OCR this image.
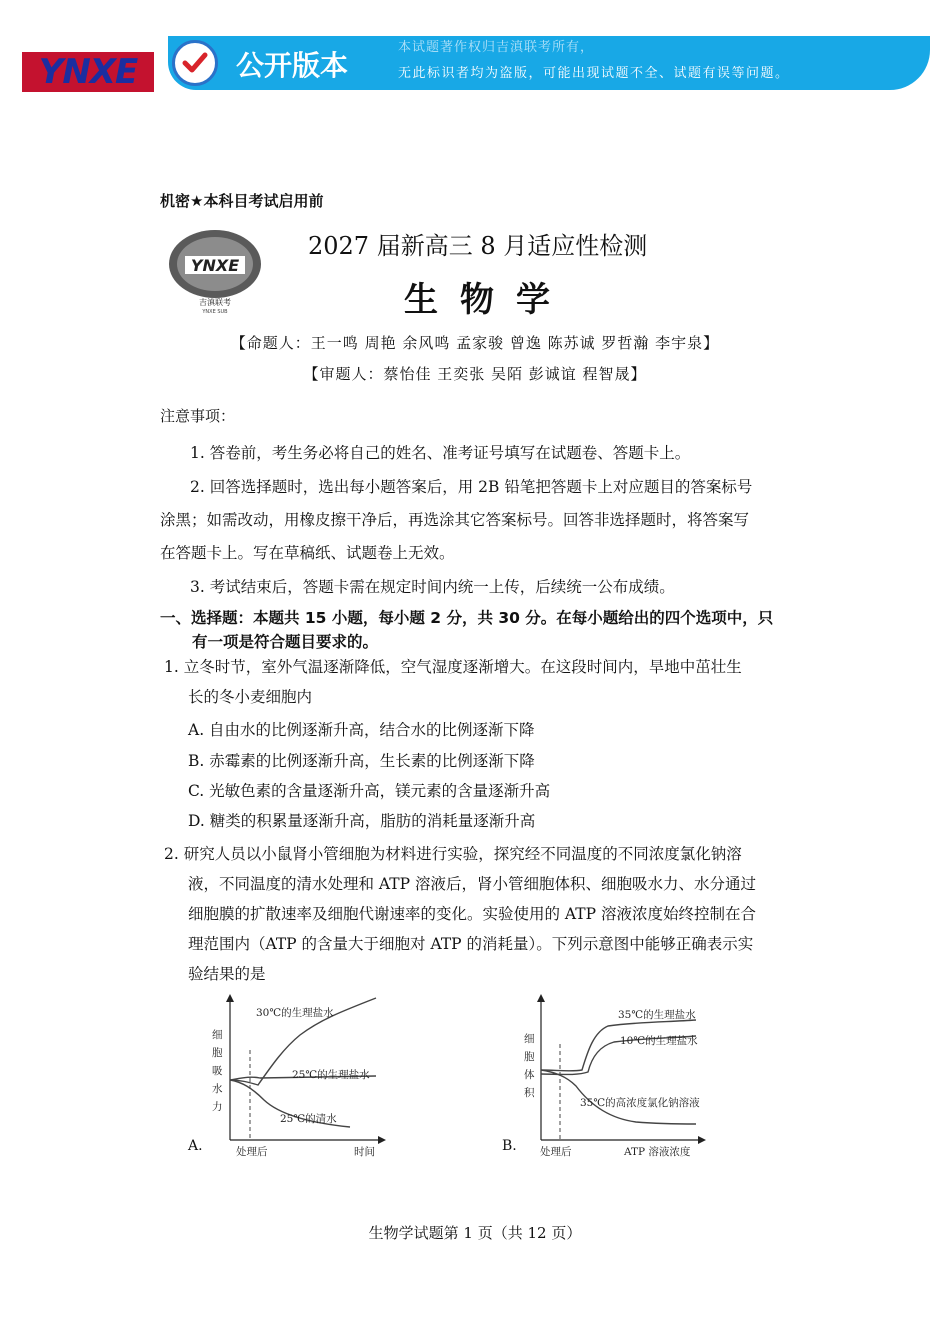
YNXE	公开版本
本试题著作权归吉滇联考所有，
无此标识者均为盗版，可能出现试题不全、试题有误等问题。
机密★本科目考试启用前
YNXE
吉滇联考
YNXE SUB
2027 届新高三 8 月适应性检测
生物学
【命题人：王一鸣 周艳 余风鸣 孟家骏 曾逸 陈苏诚 罗哲瀚 李宇泉】
【审题人：蔡怡佳 王奕张 吴陌 彭诚谊 程智晟】
注意事项：
1. 答卷前，考生务必将自己的姓名、准考证号填写在试题卷、答题卡上。
2. 回答选择题时，选出每小题答案后，用 2B 铅笔把答题卡上对应题目的答案标号
涂黑；如需改动，用橡皮擦干净后，再选涂其它答案标号。回答非选择题时，将答案写
在答题卡上。写在草稿纸、试题卷上无效。
3. 考试结束后，答题卡需在规定时间内统一上传，后续统一公布成绩。
一、选择题：本题共 15 小题，每小题 2 分，共 30 分。在每小题给出的四个选项中，只
有一项是符合题目要求的。
1. 立冬时节，室外气温逐渐降低，空气湿度逐渐增大。在这段时间内，旱地中茁壮生
长的冬小麦细胞内
A. 自由水的比例逐渐升高，结合水的比例逐渐下降
B. 赤霉素的比例逐渐升高，生长素的比例逐渐下降
C. 光敏色素的含量逐渐升高，镁元素的含量逐渐升高
D. 糖类的积累量逐渐升高，脂肪的消耗量逐渐升高
2. 研究人员以小鼠肾小管细胞为材料进行实验，探究经不同温度的不同浓度氯化钠溶
液，不同温度的清水处理和 ATP 溶液后，肾小管细胞体积、细胞吸水力、水分通过
细胞膜的扩散速率及细胞代谢速率的变化。实验使用的 ATP 溶液浓度始终控制在合
理范围内（ATP 的含量大于细胞对 ATP 的消耗量）。下列示意图中能够正确表示实
验结果的是
30℃的生理盐水
25℃的生理盐水
25℃的清水
细
胞
吸
水
力
处理后	时间
A.
35℃的生理盐水
10℃的生理盐水
35℃的高浓度氯化钠溶液
细
胞
体
积
处理后	ATP 溶液浓度
B.
生物学试题第 1 页（共 12 页）
